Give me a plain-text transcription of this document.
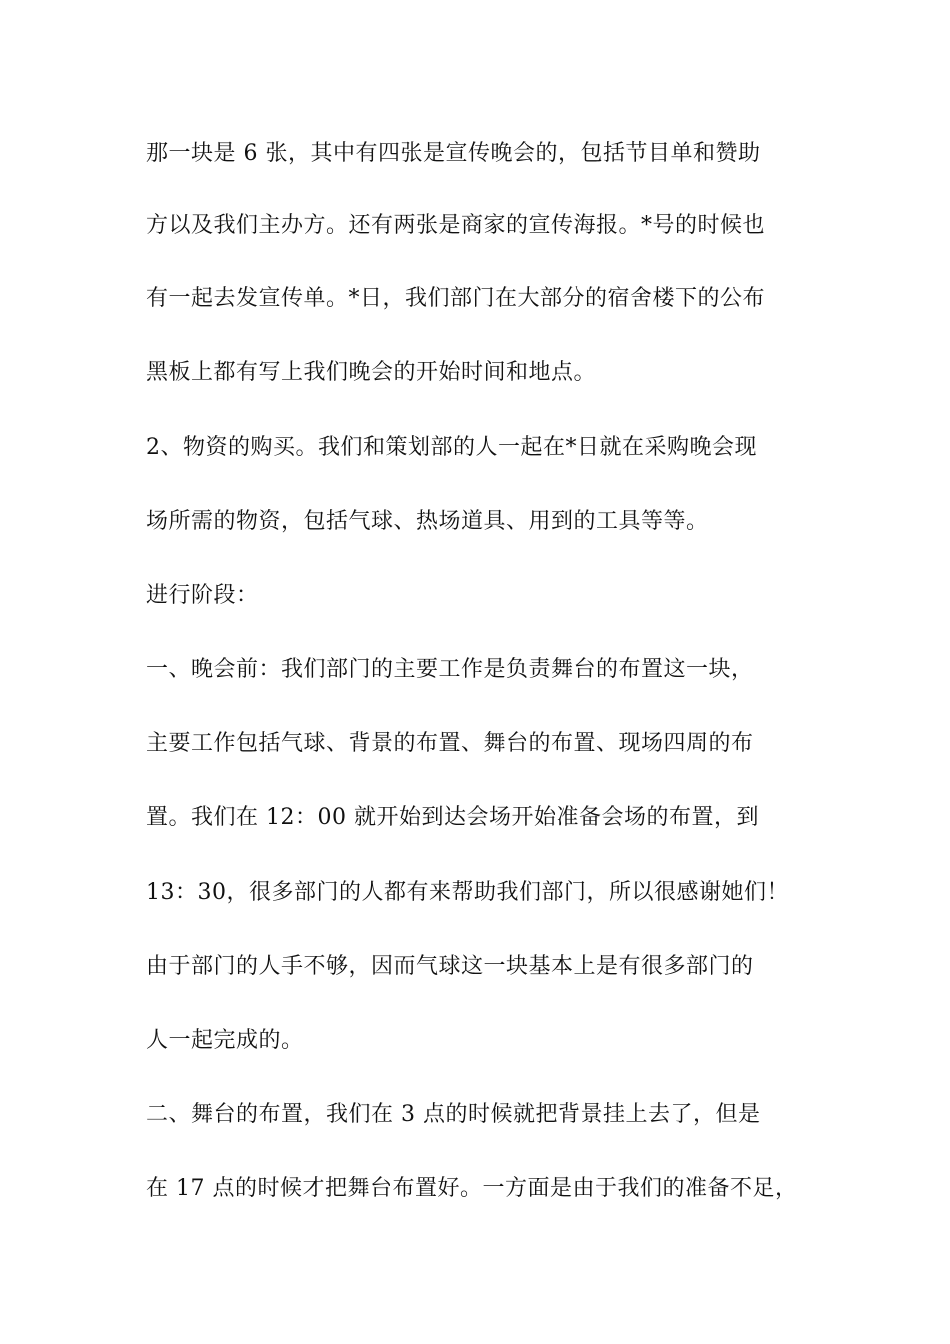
那一块是 6 张，其中有四张是宣传晚会的，包括节目单和赞助
方以及我们主办方。还有两张是商家的宣传海报。*号的时候也
有一起去发宣传单。*日，我们部门在大部分的宿舍楼下的公布
黑板上都有写上我们晚会的开始时间和地点。
2、物资的购买。我们和策划部的人一起在*日就在采购晚会现
场所需的物资，包括气球、热场道具、用到的工具等等。
进行阶段：
一、晚会前：我们部门的主要工作是负责舞台的布置这一块，
主要工作包括气球、背景的布置、舞台的布置、现场四周的布
置。我们在 12：00 就开始到达会场开始准备会场的布置，到
13：30，很多部门的人都有来帮助我们部门，所以很感谢她们！
由于部门的人手不够，因而气球这一块基本上是有很多部门的
人一起完成的。
二、舞台的布置，我们在 3 点的时候就把背景挂上去了，但是
在 17 点的时候才把舞台布置好。一方面是由于我们的准备不足，
